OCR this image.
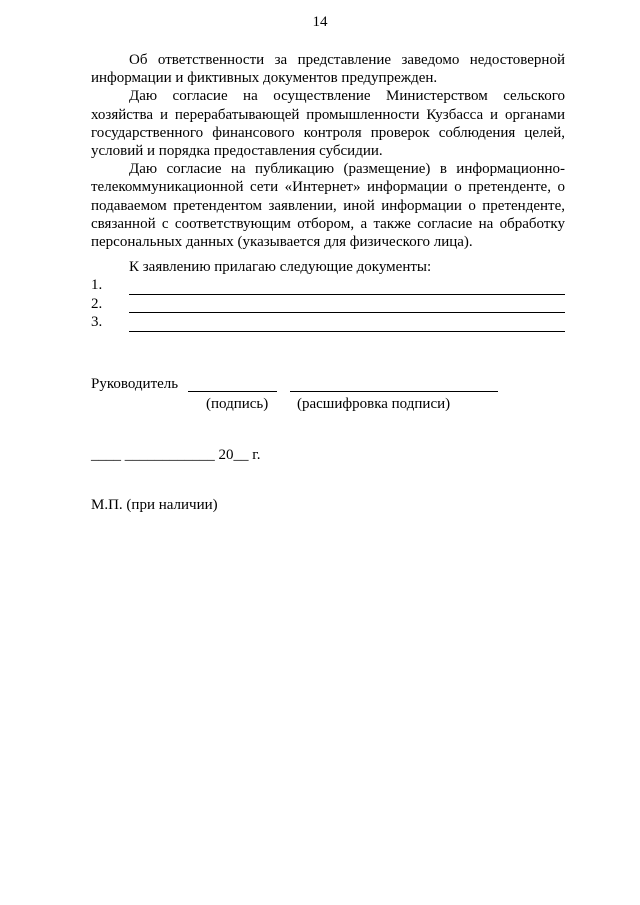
14

Об ответственности за представление заведомо недостоверной информации и фиктивных документов предупрежден.

Даю согласие на осуществление Министерством сельского хозяйства и перерабатывающей промышленности Кузбасса и органами государственного финансового контроля проверок соблюдения целей, условий и порядка предоставления субсидии.

Даю согласие на публикацию (размещение) в информационно-телекоммуникационной сети «Интернет» информации о претенденте, о подаваемом претендентом заявлении, иной информации о претенденте, связанной с соответствующим отбором, а также согласие на обработку персональных данных (указывается для физического лица).

К заявлению прилагаю следующие документы:
1.
2.
3.
Руководитель
(подпись) (расшифровка подписи)
____ ____________ 20__ г.
М.П. (при наличии)
